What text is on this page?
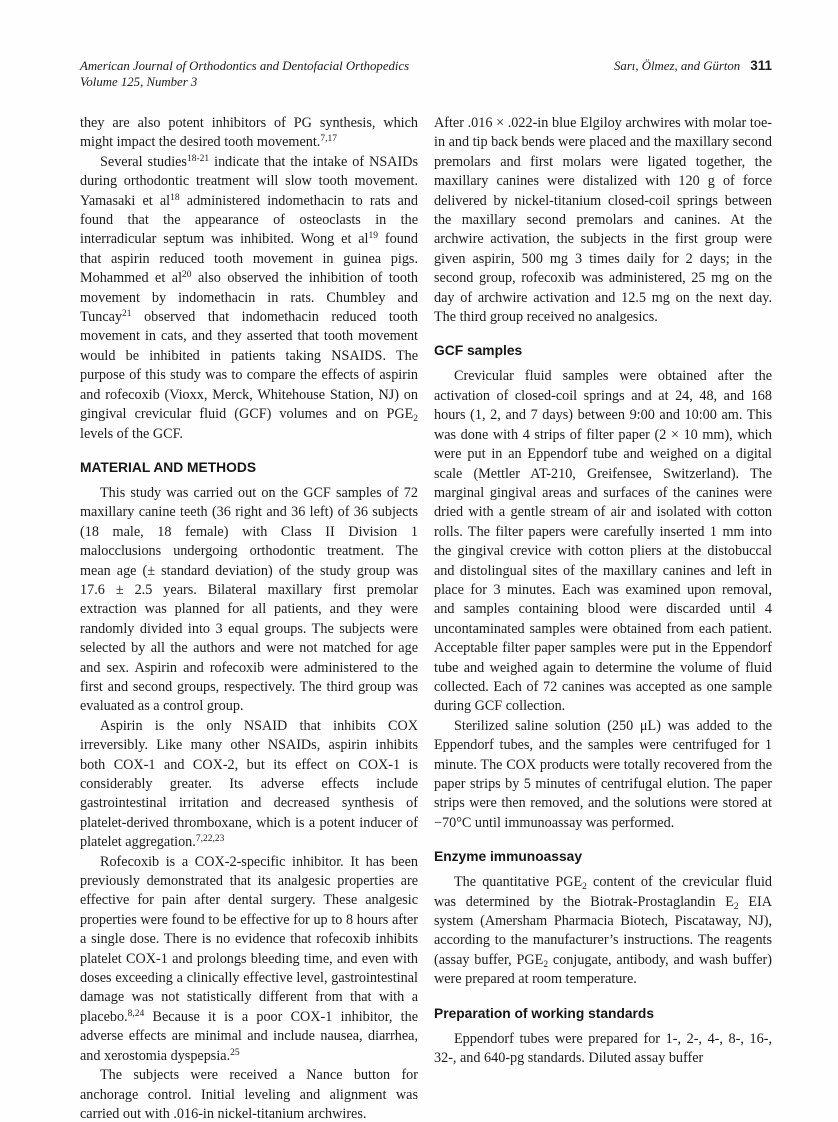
American Journal of Orthodontics and Dentofacial Orthopedics
Volume 125, Number 3
Sarı, Ölmez, and Gürton 311

they are also potent inhibitors of PG synthesis, which might impact the desired tooth movement.$^{7,17}$

Several studies$^{18-21}$ indicate that the intake of NSAIDs during orthodontic treatment will slow tooth movement. Yamasaki et al$^{18}$ administered indomethacin to rats and found that the appearance of osteoclasts in the interradicular septum was inhibited. Wong et al$^{19}$ found that aspirin reduced tooth movement in guinea pigs. Mohammed et al$^{20}$ also observed the inhibition of tooth movement by indomethacin in rats. Chumbley and Tuncay$^{21}$ observed that indomethacin reduced tooth movement in cats, and they asserted that tooth movement would be inhibited in patients taking NSAIDS. The purpose of this study was to compare the effects of aspirin and rofecoxib (Vioxx, Merck, Whitehouse Station, NJ) on gingival crevicular fluid (GCF) volumes and on $PGE_2$ levels of the GCF.

MATERIAL AND METHODS

This study was carried out on the GCF samples of 72 maxillary canine teeth (36 right and 36 left) of 36 subjects (18 male, 18 female) with Class II Division 1 malocclusions undergoing orthodontic treatment. The mean age (± standard deviation) of the study group was 17.6 ± 2.5 years. Bilateral maxillary first premolar extraction was planned for all patients, and they were randomly divided into 3 equal groups. The subjects were selected by all the authors and were not matched for age and sex. Aspirin and rofecoxib were administered to the first and second groups, respectively. The third group was evaluated as a control group.

Aspirin is the only NSAID that inhibits COX irreversibly. Like many other NSAIDs, aspirin inhibits both COX-1 and COX-2, but its effect on COX-1 is considerably greater. Its adverse effects include gastrointestinal irritation and decreased synthesis of platelet-derived thromboxane, which is a potent inducer of platelet aggregation.$^{7,22,23}$

Rofecoxib is a COX-2-specific inhibitor. It has been previously demonstrated that its analgesic properties are effective for pain after dental surgery. These analgesic properties were found to be effective for up to 8 hours after a single dose. There is no evidence that rofecoxib inhibits platelet COX-1 and prolongs bleeding time, and even with doses exceeding a clinically effective level, gastrointestinal damage was not statistically different from that with a placebo.$^{8,24}$ Because it is a poor COX-1 inhibitor, the adverse effects are minimal and include nausea, diarrhea, and xerostomia dyspepsia.$^{25}$

The subjects were received a Nance button for anchorage control. Initial leveling and alignment was carried out with .016-in nickel-titanium archwires.

After .016 × .022-in blue Elgiloy archwires with molar toe-in and tip back bends were placed and the maxillary second premolars and first molars were ligated together, the maxillary canines were distalized with 120 g of force delivered by nickel-titanium closed-coil springs between the maxillary second premolars and canines. At the archwire activation, the subjects in the first group were given aspirin, 500 mg 3 times daily for 2 days; in the second group, rofecoxib was administered, 25 mg on the day of archwire activation and 12.5 mg on the next day. The third group received no analgesics.

GCF samples

Crevicular fluid samples were obtained after the activation of closed-coil springs and at 24, 48, and 168 hours (1, 2, and 7 days) between 9:00 and 10:00 am. This was done with 4 strips of filter paper (2 × 10 mm), which were put in an Eppendorf tube and weighed on a digital scale (Mettler AT-210, Greifensee, Switzerland). The marginal gingival areas and surfaces of the canines were dried with a gentle stream of air and isolated with cotton rolls. The filter papers were carefully inserted 1 mm into the gingival crevice with cotton pliers at the distobuccal and distolingual sites of the maxillary canines and left in place for 3 minutes. Each was examined upon removal, and samples containing blood were discarded until 4 uncontaminated samples were obtained from each patient. Acceptable filter paper samples were put in the Eppendorf tube and weighed again to determine the volume of fluid collected. Each of 72 canines was accepted as one sample during GCF collection.

Sterilized saline solution (250 μL) was added to the Eppendorf tubes, and the samples were centrifuged for 1 minute. The COX products were totally recovered from the paper strips by 5 minutes of centrifugal elution. The paper strips were then removed, and the solutions were stored at −70°C until immunoassay was performed.

Enzyme immunoassay

The quantitative $PGE_2$ content of the crevicular fluid was determined by the Biotrak-Prostaglandin $E_2$ EIA system (Amersham Pharmacia Biotech, Piscataway, NJ), according to the manufacturer’s instructions. The reagents (assay buffer, $PGE_2$ conjugate, antibody, and wash buffer) were prepared at room temperature.

Preparation of working standards

Eppendorf tubes were prepared for 1-, 2-, 4-, 8-, 16-, 32-, and 640-pg standards. Diluted assay buffer
